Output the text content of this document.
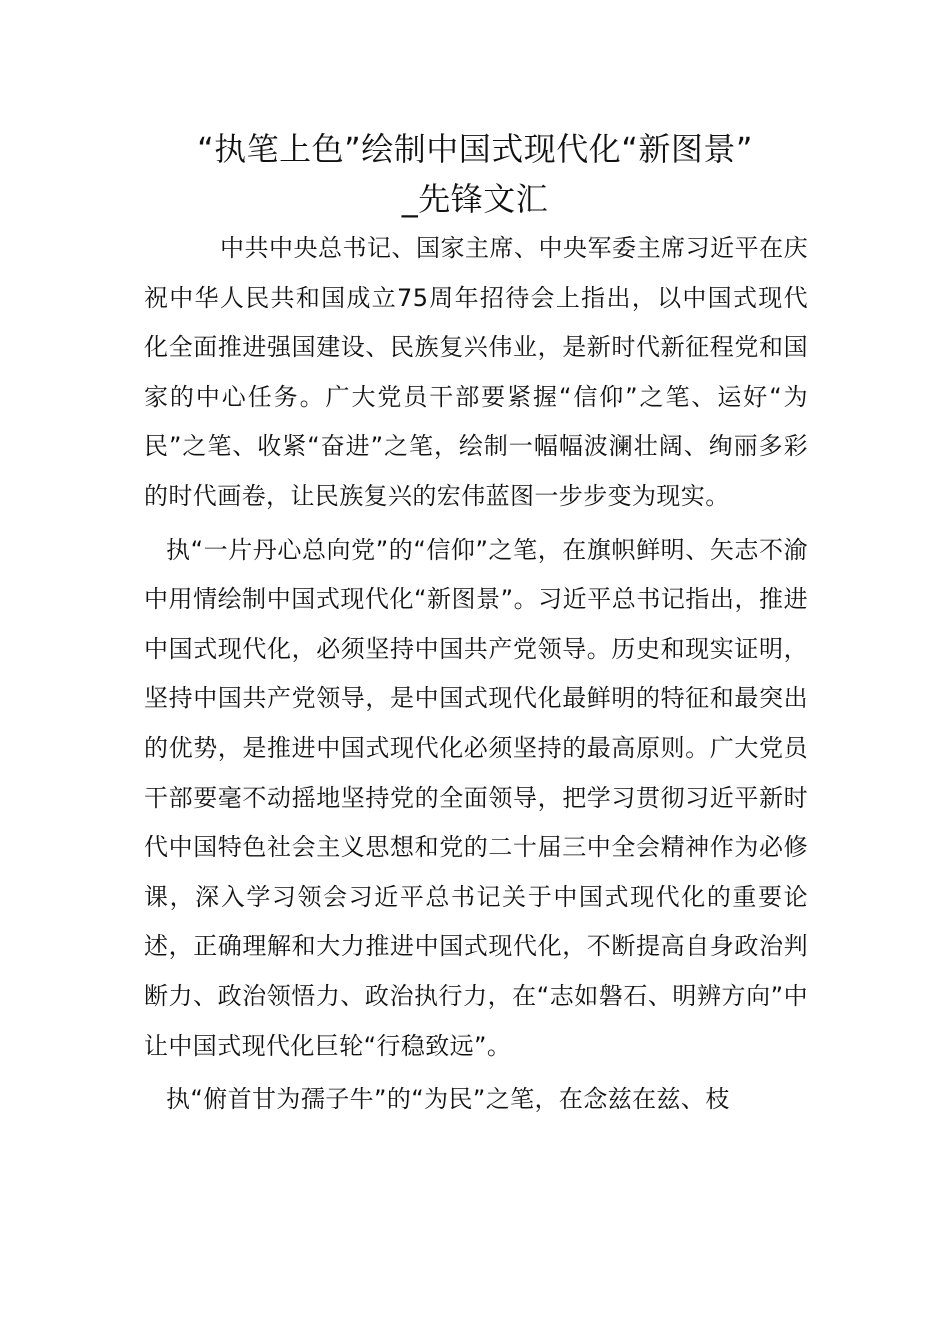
“执笔上色”绘制中国式现代化“新图景”
_先锋文汇

中共中央总书记、国家主席、中央军委主席习近平在庆祝中华人民共和国成立75周年招待会上指出，以中国式现代化全面推进强国建设、民族复兴伟业，是新时代新征程党和国家的中心任务。广大党员干部要紧握“信仰”之笔、运好“为民”之笔、收紧“奋进”之笔，绘制一幅幅波澜壮阔、绚丽多彩的时代画卷，让民族复兴的宏伟蓝图一步步变为现实。

执“一片丹心总向党”的“信仰”之笔，在旗帜鲜明、矢志不渝中用情绘制中国式现代化“新图景”。习近平总书记指出，推进中国式现代化，必须坚持中国共产党领导。历史和现实证明，坚持中国共产党领导，是中国式现代化最鲜明的特征和最突出的优势，是推进中国式现代化必须坚持的最高原则。广大党员干部要毫不动摇地坚持党的全面领导，把学习贯彻习近平新时代中国特色社会主义思想和党的二十届三中全会精神作为必修课，深入学习领会习近平总书记关于中国式现代化的重要论述，正确理解和大力推进中国式现代化，不断提高自身政治判断力、政治领悟力、政治执行力，在“志如磐石、明辨方向”中让中国式现代化巨轮“行稳致远”。

执“俯首甘为孺子牛”的“为民”之笔，在念兹在兹、枝
